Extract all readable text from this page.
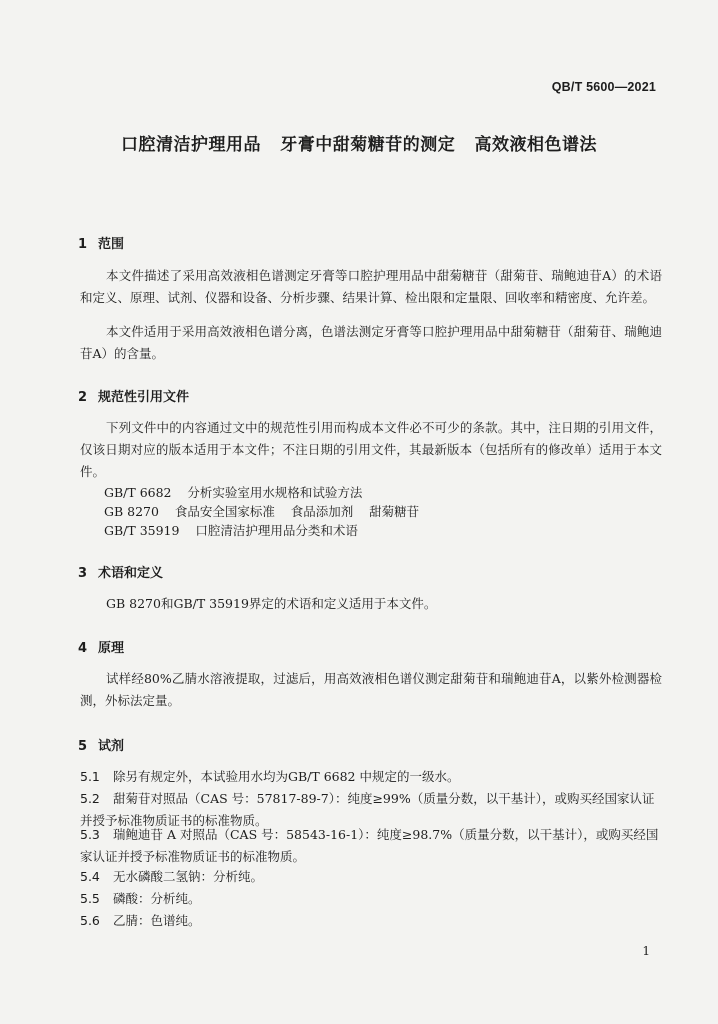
QB/T 5600—2021
口腔清洁护理用品   牙膏中甜菊糖苷的测定   高效液相色谱法
1 范围
本文件描述了采用高效液相色谱测定牙膏等口腔护理用品中甜菊糖苷（甜菊苷、瑞鲍迪苷A）的术语和定义、原理、试剂、仪器和设备、分析步骤、结果计算、检出限和定量限、回收率和精密度、允许差。
本文件适用于采用高效液相色谱分离，色谱法测定牙膏等口腔护理用品中甜菊糖苷（甜菊苷、瑞鲍迪苷A）的含量。
2 规范性引用文件
下列文件中的内容通过文中的规范性引用而构成本文件必不可少的条款。其中，注日期的引用文件，仅该日期对应的版本适用于本文件；不注日期的引用文件，其最新版本（包括所有的修改单）适用于本文件。
GB/T 6682    分析实验室用水规格和试验方法
GB 8270    食品安全国家标准    食品添加剂    甜菊糖苷
GB/T 35919    口腔清洁护理用品分类和术语
3 术语和定义
GB 8270和GB/T 35919界定的术语和定义适用于本文件。
4 原理
试样经80%乙腈水溶液提取，过滤后，用高效液相色谱仪测定甜菊苷和瑞鲍迪苷A，以紫外检测器检测，外标法定量。
5 试剂
5.1 除另有规定外，本试验用水均为GB/T 6682 中规定的一级水。
5.2 甜菊苷对照品（CAS 号：57817-89-7）：纯度≥99%（质量分数，以干基计），或购买经国家认证并授予标准物质证书的标准物质。
5.3 瑞鲍迪苷 A 对照品（CAS 号：58543-16-1）：纯度≥98.7%（质量分数，以干基计），或购买经国家认证并授予标准物质证书的标准物质。
5.4 无水磷酸二氢钠：分析纯。
5.5 磷酸：分析纯。
5.6 乙腈：色谱纯。
1
